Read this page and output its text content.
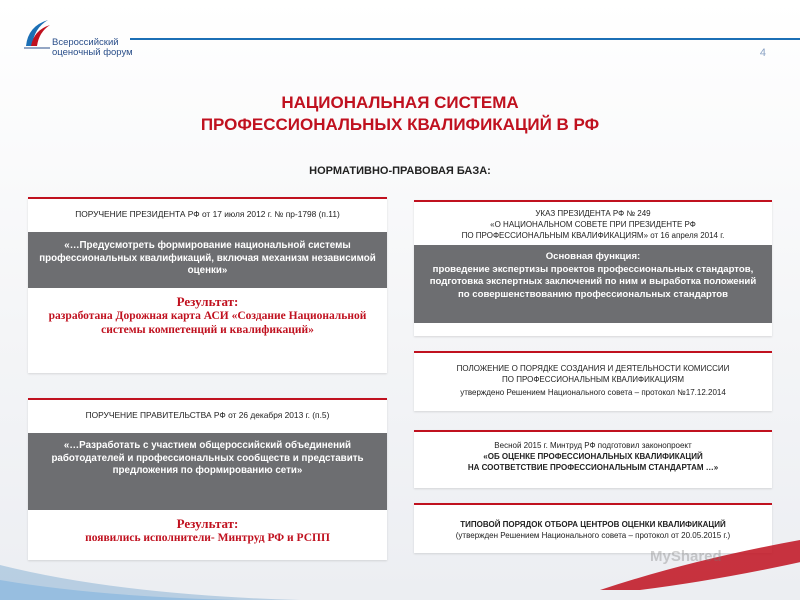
Всероссийский
оценочный форум	4
НАЦИОНАЛЬНАЯ СИСТЕМА
ПРОФЕССИОНАЛЬНЫХ КВАЛИФИКАЦИЙ В РФ
НОРМАТИВНО-ПРАВОВАЯ БАЗА:
ПОРУЧЕНИЕ ПРЕЗИДЕНТА РФ от 17 июля 2012 г. № пр-1798 (п.11)
«…Предусмотреть формирование национальной системы профессиональных квалификаций, включая механизм независимой оценки»
Результат:
разработана Дорожная карта АСИ «Создание Национальной системы компетенций и квалификаций»
ПОРУЧЕНИЕ ПРАВИТЕЛЬСТВА РФ от 26 декабря 2013 г. (п.5)
«…Разработать с участием общероссийский объединений работодателей и профессиональных сообществ и представить предложения по формированию сети»
Результат:
появились исполнители- Минтруд РФ и РСПП
УКАЗ ПРЕЗИДЕНТА РФ № 249
«О НАЦИОНАЛЬНОМ СОВЕТЕ ПРИ ПРЕЗИДЕНТЕ РФ
ПО ПРОФЕССИОНАЛЬНЫМ КВАЛИФИКАЦИЯМ» от 16 апреля 2014 г.
Основная функция:
проведение экспертизы проектов профессиональных стандартов, подготовка экспертных заключений по ним и выработка положений по совершенствованию профессиональных стандартов
ПОЛОЖЕНИЕ О ПОРЯДКЕ СОЗДАНИЯ И ДЕЯТЕЛЬНОСТИ КОМИССИИ
ПО ПРОФЕССИОНАЛЬНЫМ КВАЛИФИКАЦИЯМ
утверждено Решением Национального совета – протокол №17.12.2014
Весной 2015 г. Минтруд РФ подготовил законопроект
«ОБ ОЦЕНКЕ ПРОФЕССИОНАЛЬНЫХ КВАЛИФИКАЦИЙ
НА СООТВЕТСТВИЕ ПРОФЕССИОНАЛЬНЫМ СТАНДАРТАМ …»
ТИПОВОЙ ПОРЯДОК ОТБОРА ЦЕНТРОВ ОЦЕНКИ КВАЛИФИКАЦИЙ
(утвержден Решением Национального совета – протокол от 20.05.2015 г.)
MyShared
